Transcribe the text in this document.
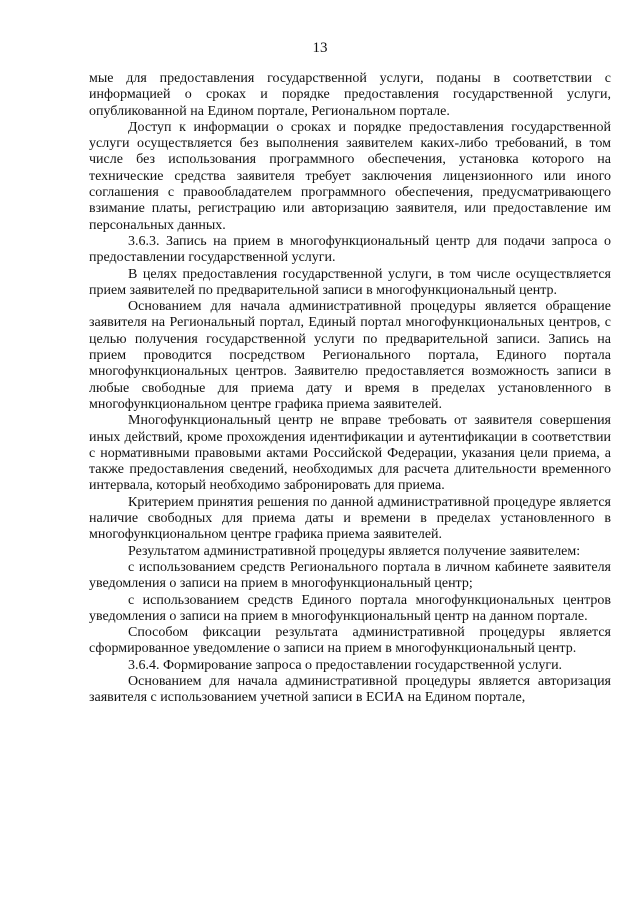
13

мые для предоставления государственной услуги, поданы в соответствии с информацией о сроках и порядке предоставления государственной услуги, опубликованной на Едином портале, Региональном портале.

Доступ к информации о сроках и порядке предоставления государственной услуги осуществляется без выполнения заявителем каких-либо требований, в том числе без использования программного обеспечения, установка которого на технические средства заявителя требует заключения лицензионного или иного соглашения с правообладателем программного обеспечения, предусматривающего взимание платы, регистрацию или авторизацию заявителя, или предоставление им персональных данных.

3.6.3. Запись на прием в многофункциональный центр для подачи запроса о предоставлении государственной услуги.

В целях предоставления государственной услуги, в том числе осуществляется прием заявителей по предварительной записи в многофункциональный центр.

Основанием для начала административной процедуры является обращение заявителя на Региональный портал, Единый портал многофункциональных центров, с целью получения государственной услуги по предварительной записи. Запись на прием проводится посредством Регионального портала, Единого портала многофункциональных центров. Заявителю предоставляется возможность записи в любые свободные для приема дату и время в пределах установленного в многофункциональном центре графика приема заявителей.

Многофункциональный центр не вправе требовать от заявителя совершения иных действий, кроме прохождения идентификации и аутентификации в соответствии с нормативными правовыми актами Российской Федерации, указания цели приема, а также предоставления сведений, необходимых для расчета длительности временного интервала, который необходимо забронировать для приема.

Критерием принятия решения по данной административной процедуре является наличие свободных для приема даты и времени в пределах установленного в многофункциональном центре графика приема заявителей.

Результатом административной процедуры является получение заявителем:

с использованием средств Регионального портала в личном кабинете заявителя уведомления о записи на прием в многофункциональный центр;

с использованием средств Единого портала многофункциональных центров уведомления о записи на прием в многофункциональный центр на данном портале.

Способом фиксации результата административной процедуры является сформированное уведомление о записи на прием в многофункциональный центр.

3.6.4. Формирование запроса о предоставлении государственной услуги.

Основанием для начала административной процедуры является авторизация заявителя с использованием учетной записи в ЕСИА на Едином портале,
